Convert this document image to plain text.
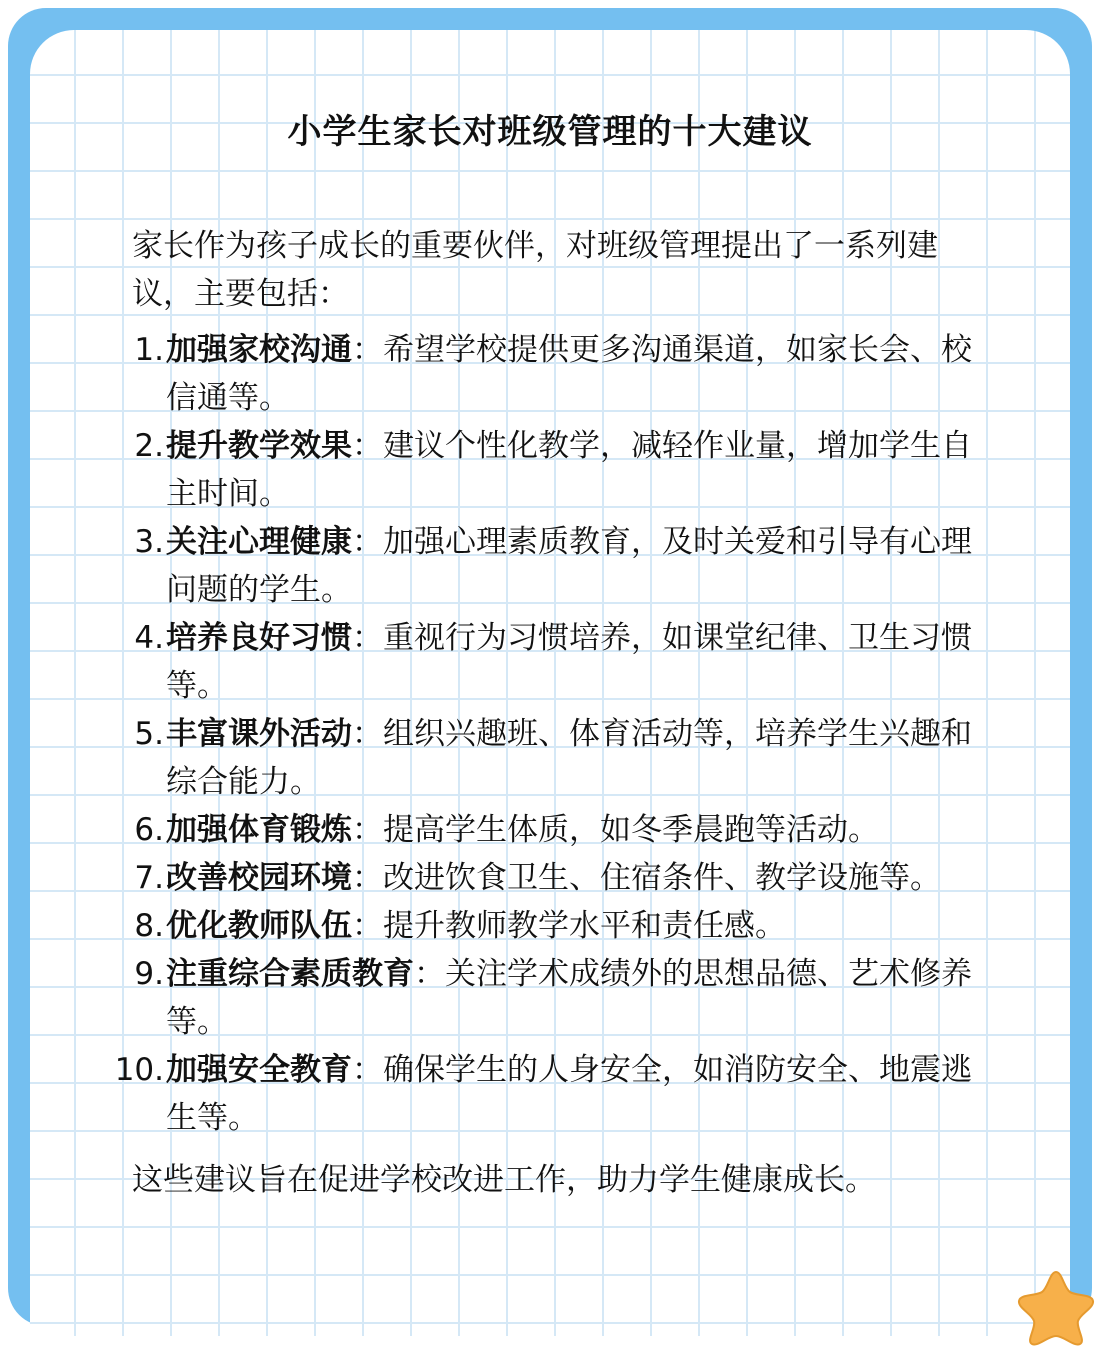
小学生家长对班级管理的十大建议

家长作为孩子成长的重要伙伴，对班级管理提出了一系列建议，主要包括：

1. 加强家校沟通：希望学校提供更多沟通渠道，如家长会、校信通等。
2. 提升教学效果：建议个性化教学，减轻作业量，增加学生自主时间。
3. 关注心理健康：加强心理素质教育，及时关爱和引导有心理问题的学生。
4. 培养良好习惯：重视行为习惯培养，如课堂纪律、卫生习惯等。
5. 丰富课外活动：组织兴趣班、体育活动等，培养学生兴趣和综合能力。
6. 加强体育锻炼：提高学生体质，如冬季晨跑等活动。
7. 改善校园环境：改进饮食卫生、住宿条件、教学设施等。
8. 优化教师队伍：提升教师教学水平和责任感。
9. 注重综合素质教育：关注学术成绩外的思想品德、艺术修养等。
10. 加强安全教育：确保学生的人身安全，如消防安全、地震逃生等。

这些建议旨在促进学校改进工作，助力学生健康成长。
